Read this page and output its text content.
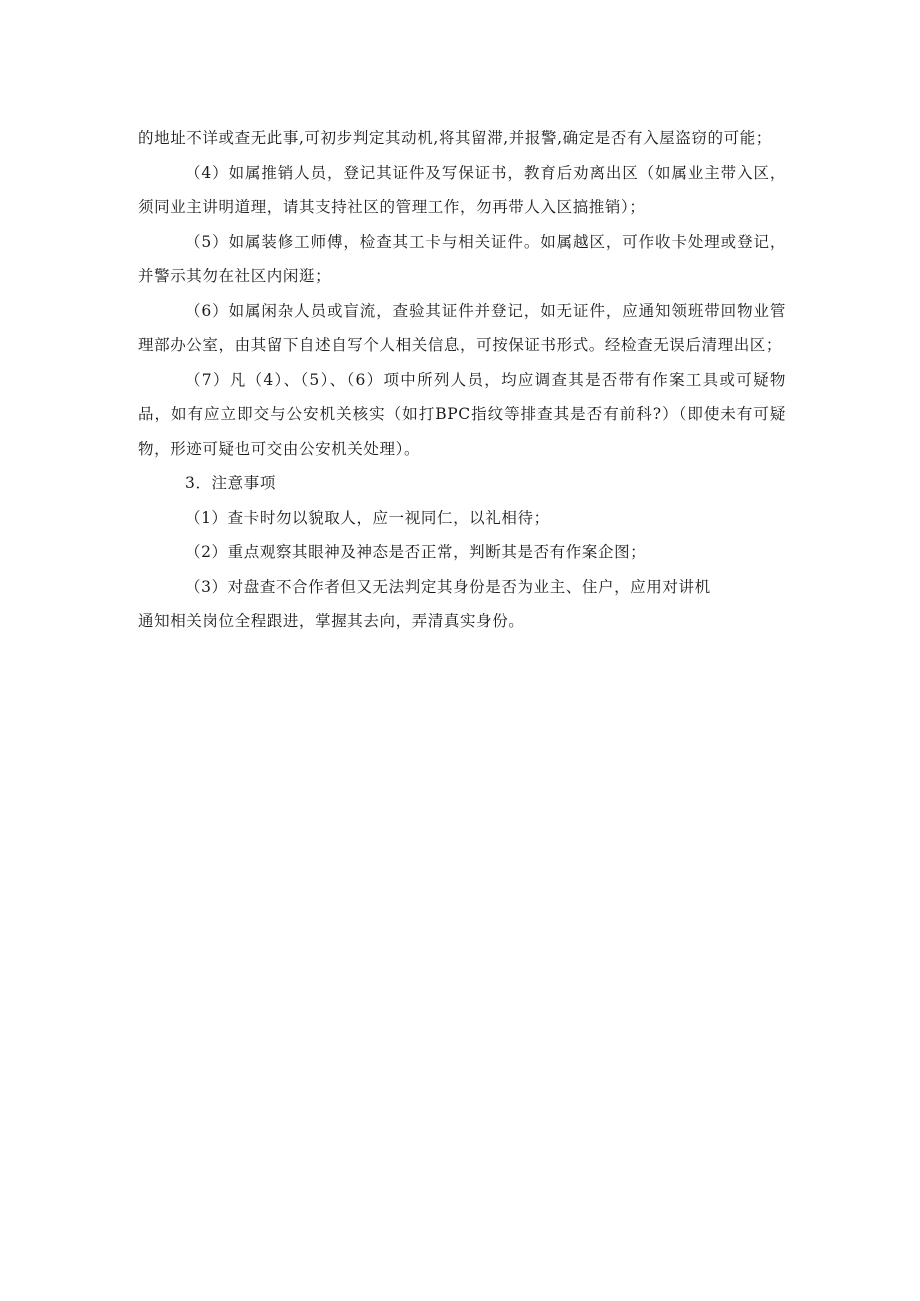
的地址不详或查无此事,可初步判定其动机,将其留滞,并报警,确定是否有入屋盗窃的可能；

（4）如属推销人员，登记其证件及写保证书，教育后劝离出区（如属业主带入区，须同业主讲明道理，请其支持社区的管理工作，勿再带人入区搞推销）；

（5）如属装修工师傅，检查其工卡与相关证件。如属越区，可作收卡处理或登记，并警示其勿在社区内闲逛；

（6）如属闲杂人员或盲流，查验其证件并登记，如无证件，应通知领班带回物业管理部办公室，由其留下自述自写个人相关信息，可按保证书形式。经检查无误后清理出区；

（7）凡（4）、（5）、（6）项中所列人员，均应调查其是否带有作案工具或可疑物品，如有应立即交与公安机关核实（如打BPC指纹等排查其是否有前科?）（即使未有可疑物，形迹可疑也可交由公安机关处理）。

3．注意事项

（1）查卡时勿以貌取人，应一视同仁，以礼相待；

（2）重点观察其眼神及神态是否正常，判断其是否有作案企图；

（3）对盘查不合作者但又无法判定其身份是否为业主、住户，应用对讲机

通知相关岗位全程跟进，掌握其去向，弄清真实身份。
